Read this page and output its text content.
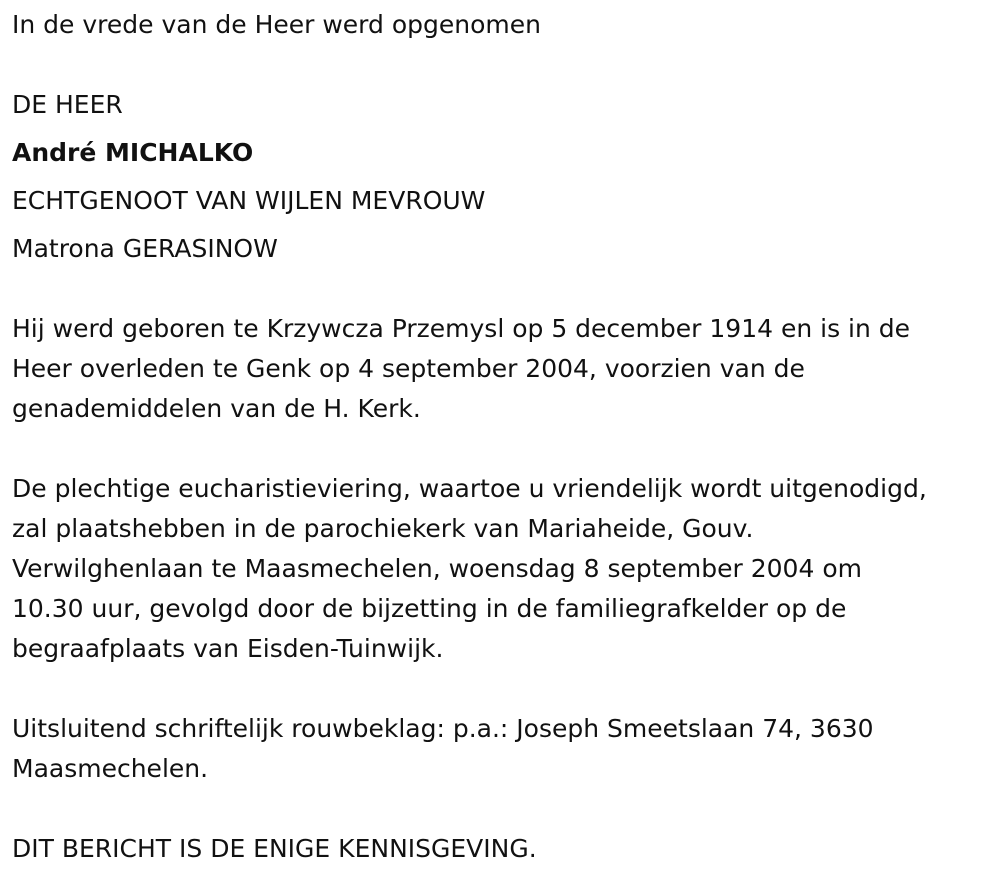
In de vrede van de Heer werd opgenomen
DE HEER
André MICHALKO
ECHTGENOOT VAN WIJLEN MEVROUW
Matrona GERASINOW
Hij werd geboren te Krzywcza Przemysl op 5 december 1914 en is in de
Heer overleden te Genk op 4 september 2004, voorzien van de
genademiddelen van de H. Kerk.
De plechtige eucharistieviering, waartoe u vriendelijk wordt uitgenodigd,
zal plaatshebben in de parochiekerk van Mariaheide, Gouv.
Verwilghenlaan te Maasmechelen, woensdag 8 september 2004 om
10.30 uur, gevolgd door de bijzetting in de familiegrafkelder op de
begraafplaats van Eisden-Tuinwijk.
Uitsluitend schriftelijk rouwbeklag: p.a.: Joseph Smeetslaan 74, 3630
Maasmechelen.
DIT BERICHT IS DE ENIGE KENNISGEVING.
